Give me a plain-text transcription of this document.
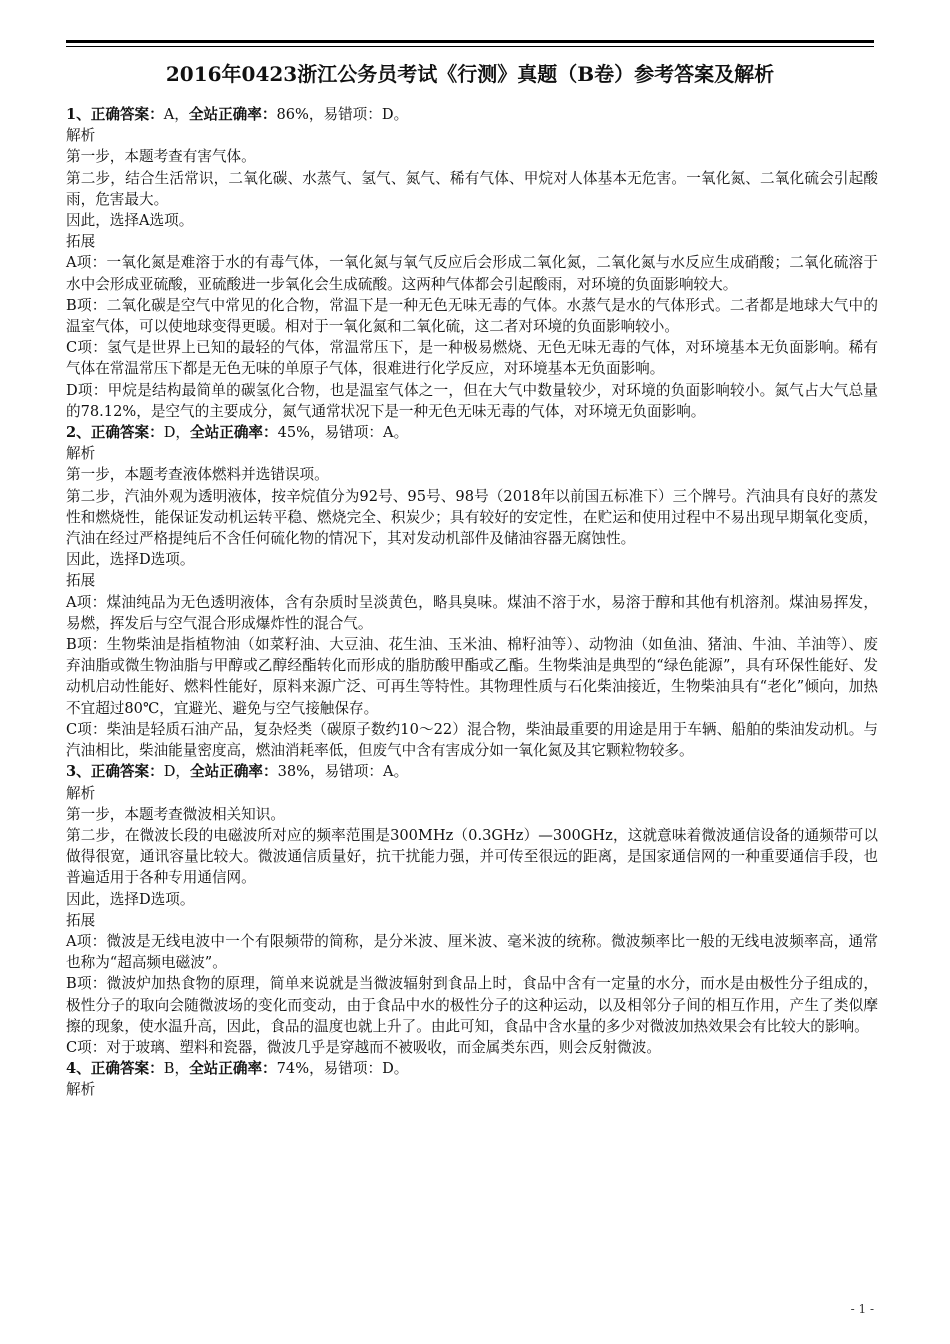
2016年0423浙江公务员考试《行测》真题（B卷）参考答案及解析

1、正确答案：A，全站正确率：86%，易错项：D。

解析

第一步，本题考查有害气体。

第二步，结合生活常识，二氧化碳、水蒸气、氢气、氮气、稀有气体、甲烷对人体基本无危害。一氧化氮、二氧化硫会引起酸雨，危害最大。

因此，选择A选项。

拓展

A项：一氧化氮是难溶于水的有毒气体，一氧化氮与氧气反应后会形成二氧化氮，二氧化氮与水反应生成硝酸；二氧化硫溶于水中会形成亚硫酸，亚硫酸进一步氧化会生成硫酸。这两种气体都会引起酸雨，对环境的负面影响较大。

B项：二氧化碳是空气中常见的化合物，常温下是一种无色无味无毒的气体。水蒸气是水的气体形式。二者都是地球大气中的温室气体，可以使地球变得更暖。相对于一氧化氮和二氧化硫，这二者对环境的负面影响较小。

C项：氢气是世界上已知的最轻的气体，常温常压下，是一种极易燃烧、无色无味无毒的气体，对环境基本无负面影响。稀有气体在常温常压下都是无色无味的单原子气体，很难进行化学反应，对环境基本无负面影响。

D项：甲烷是结构最简单的碳氢化合物，也是温室气体之一，但在大气中数量较少，对环境的负面影响较小。氮气占大气总量的78.12%，是空气的主要成分，氮气通常状况下是一种无色无味无毒的气体，对环境无负面影响。

2、正确答案：D，全站正确率：45%，易错项：A。

解析

第一步，本题考查液体燃料并选错误项。

第二步，汽油外观为透明液体，按辛烷值分为92号、95号、98号（2018年以前国五标准下）三个牌号。汽油具有良好的蒸发性和燃烧性，能保证发动机运转平稳、燃烧完全、积炭少；具有较好的安定性，在贮运和使用过程中不易出现早期氧化变质，汽油在经过严格提纯后不含任何硫化物的情况下，其对发动机部件及储油容器无腐蚀性。

因此，选择D选项。

拓展

A项：煤油纯品为无色透明液体，含有杂质时呈淡黄色，略具臭味。煤油不溶于水，易溶于醇和其他有机溶剂。煤油易挥发，易燃，挥发后与空气混合形成爆炸性的混合气。

B项：生物柴油是指植物油（如菜籽油、大豆油、花生油、玉米油、棉籽油等）、动物油（如鱼油、猪油、牛油、羊油等）、废弃油脂或微生物油脂与甲醇或乙醇经酯转化而形成的脂肪酸甲酯或乙酯。生物柴油是典型的“绿色能源”，具有环保性能好、发动机启动性能好、燃料性能好，原料来源广泛、可再生等特性。其物理性质与石化柴油接近，生物柴油具有“老化”倾向，加热不宜超过80℃，宜避光、避免与空气接触保存。

C项：柴油是轻质石油产品，复杂烃类（碳原子数约10～22）混合物，柴油最重要的用途是用于车辆、船舶的柴油发动机。与汽油相比，柴油能量密度高，燃油消耗率低，但废气中含有害成分如一氧化氮及其它颗粒物较多。

3、正确答案：D，全站正确率：38%，易错项：A。

解析

第一步，本题考查微波相关知识。

第二步，在微波长段的电磁波所对应的频率范围是300MHz（0.3GHz）—300GHz，这就意味着微波通信设备的通频带可以做得很宽，通讯容量比较大。微波通信质量好，抗干扰能力强，并可传至很远的距离，是国家通信网的一种重要通信手段，也普遍适用于各种专用通信网。

因此，选择D选项。

拓展

A项：微波是无线电波中一个有限频带的简称，是分米波、厘米波、毫米波的统称。微波频率比一般的无线电波频率高，通常也称为“超高频电磁波”。

B项：微波炉加热食物的原理，简单来说就是当微波辐射到食品上时，食品中含有一定量的水分，而水是由极性分子组成的，极性分子的取向会随微波场的变化而变动，由于食品中水的极性分子的这种运动，以及相邻分子间的相互作用，产生了类似摩擦的现象，使水温升高，因此，食品的温度也就上升了。由此可知，食品中含水量的多少对微波加热效果会有比较大的影响。

C项：对于玻璃、塑料和瓷器，微波几乎是穿越而不被吸收，而金属类东西，则会反射微波。

4、正确答案：B，全站正确率：74%，易错项：D。

解析

- 1 -
